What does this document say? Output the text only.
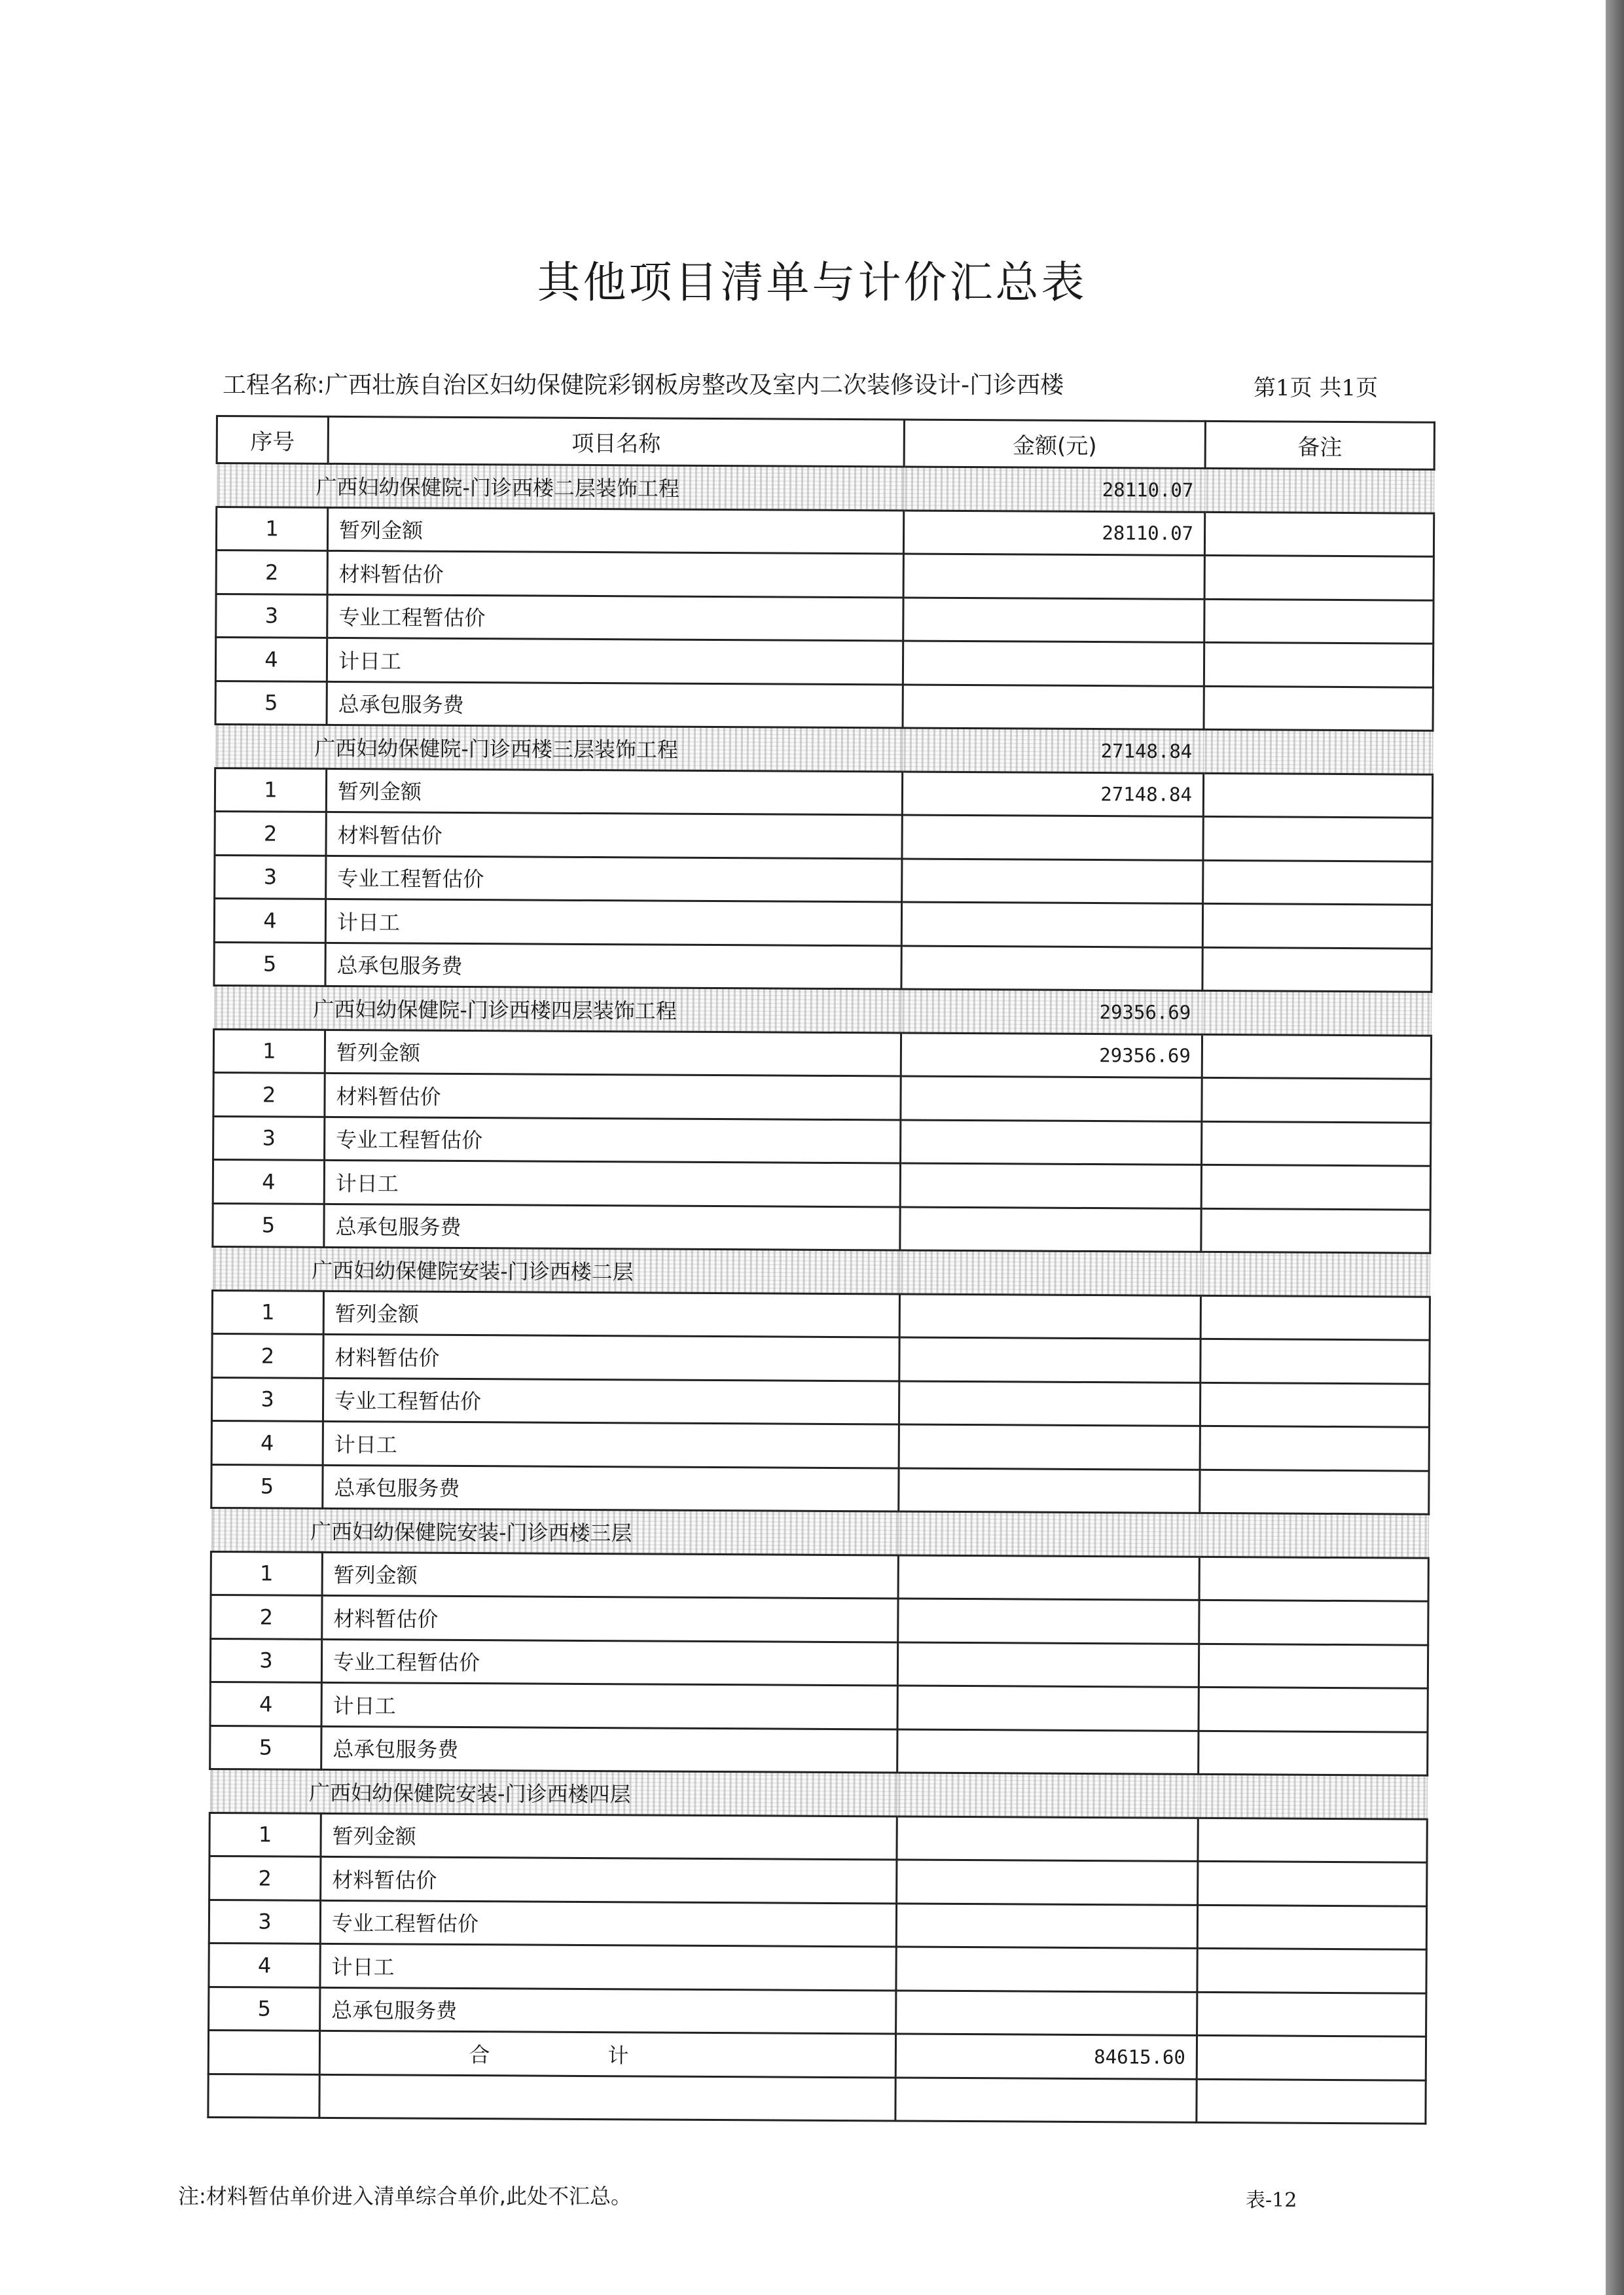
其他项目清单与计价汇总表
工程名称:广西壮族自治区妇幼保健院彩钢板房整改及室内二次装修设计-门诊西楼	第1页 共1页
序号	项目名称	金额(元)	备注
广西妇幼保健院-门诊西楼二层装饰工程		28110.07	
1	暂列金额	28110.07	
2	材料暂估价		
3	专业工程暂估价		
4	计日工		
5	总承包服务费		
广西妇幼保健院-门诊西楼三层装饰工程		27148.84	
1	暂列金额	27148.84	
2	材料暂估价		
3	专业工程暂估价		
4	计日工		
5	总承包服务费		
广西妇幼保健院-门诊西楼四层装饰工程		29356.69	
1	暂列金额	29356.69	
2	材料暂估价		
3	专业工程暂估价		
4	计日工		
5	总承包服务费		
广西妇幼保健院安装-门诊西楼二层			
1	暂列金额		
2	材料暂估价		
3	专业工程暂估价		
4	计日工		
5	总承包服务费		
广西妇幼保健院安装-门诊西楼三层			
1	暂列金额		
2	材料暂估价		
3	专业工程暂估价		
4	计日工		
5	总承包服务费		
广西妇幼保健院安装-门诊西楼四层			
1	暂列金额		
2	材料暂估价		
3	专业工程暂估价		
4	计日工		
5	总承包服务费		
	合计	84615.60	

注:材料暂估单价进入清单综合单价,此处不汇总。	表-12
